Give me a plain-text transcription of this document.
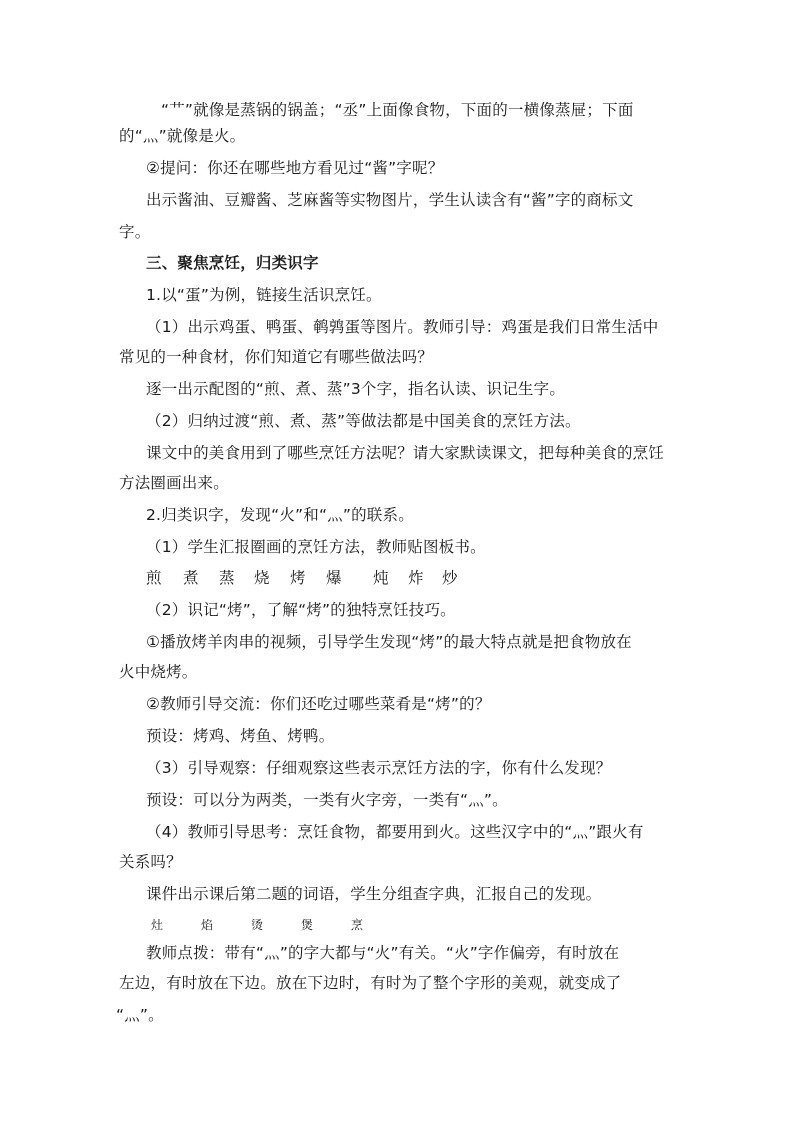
“艹”就像是蒸锅的锅盖；“丞”上面像食物，下面的一横像蒸屉；下面
的“灬”就像是火。
②提问：你还在哪些地方看见过“酱”字呢？
出示酱油、豆瓣酱、芝麻酱等实物图片，学生认读含有“酱”字的商标文
字。
三、聚焦烹饪，归类识字
1.以“蛋”为例，链接生活识烹饪。
（1）出示鸡蛋、鸭蛋、鹌鹑蛋等图片。教师引导：鸡蛋是我们日常生活中
常见的一种食材，你们知道它有哪些做法吗？
逐一出示配图的“煎、煮、蒸”3个字，指名认读、识记生字。
（2）归纳过渡“煎、煮、蒸”等做法都是中国美食的烹饪方法。
课文中的美食用到了哪些烹饪方法呢？请大家默读课文，把每种美食的烹饪
方法圈画出来。
2.归类识字，发现“火”和“灬”的联系。
（1）学生汇报圈画的烹饪方法，教师贴图板书。
煎 煮 蒸 烧 烤 爆 炖 炸 炒
（2）识记“烤”，了解“烤”的独特烹饪技巧。
①播放烤羊肉串的视频，引导学生发现“烤”的最大特点就是把食物放在
火中烧烤。
②教师引导交流：你们还吃过哪些菜肴是“烤”的？
预设：烤鸡、烤鱼、烤鸭。
（3）引导观察：仔细观察这些表示烹饪方法的字，你有什么发现？
预设：可以分为两类，一类有火字旁，一类有“灬”。
（4）教师引导思考：烹饪食物，都要用到火。这些汉字中的“灬”跟火有
关系吗？
课件出示课后第二题的词语，学生分组查字典，汇报自己的发现。
灶	焰	烫	煲	烹
教师点拨：带有“灬”的字大都与“火”有关。“火”字作偏旁，有时放在
左边，有时放在下边。放在下边时，有时为了整个字形的美观，就变成了
“灬”。
